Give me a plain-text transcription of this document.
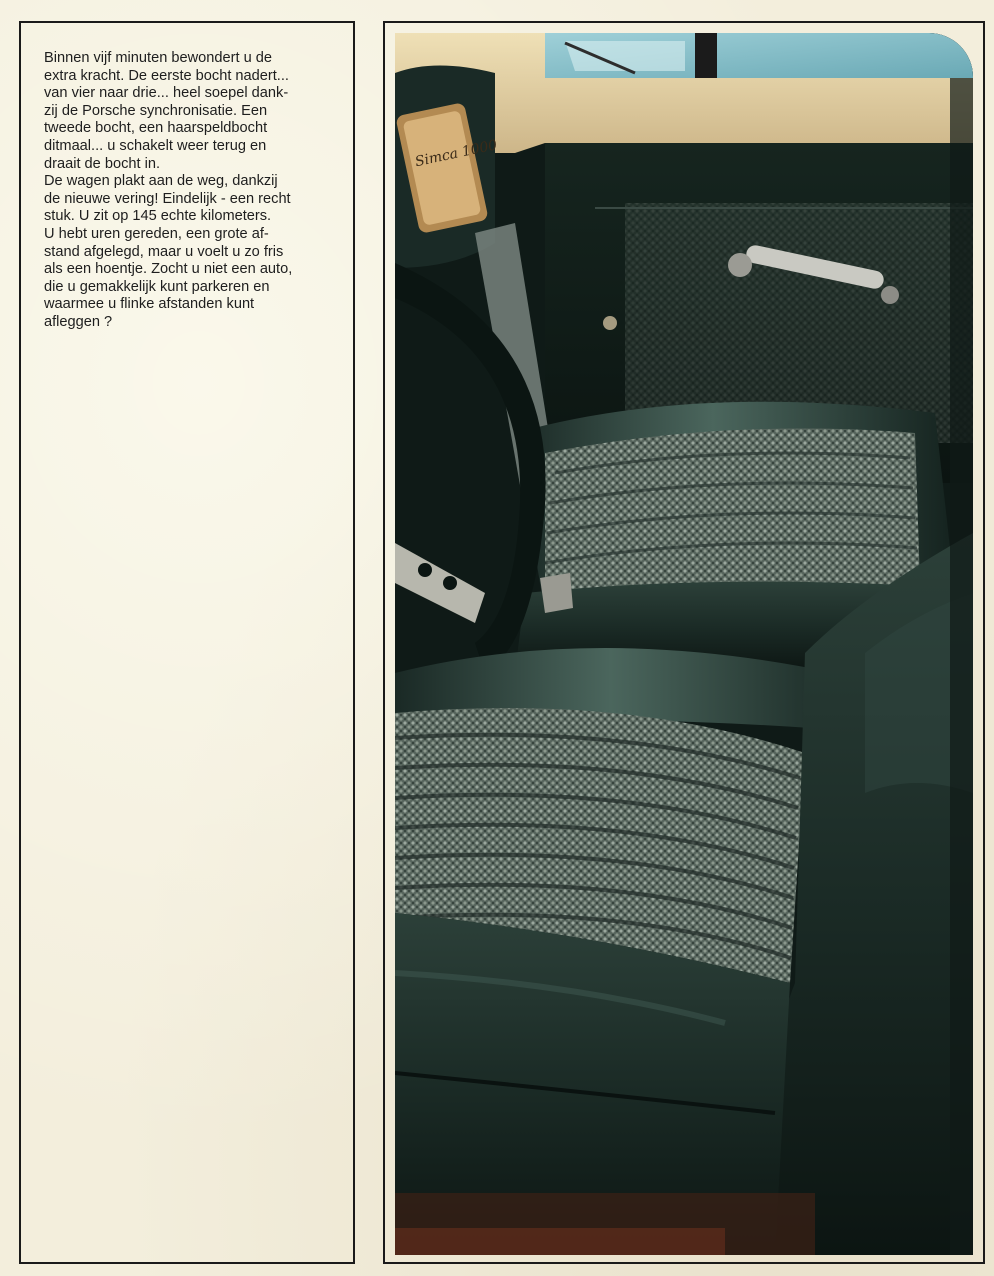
Binnen vijf minuten bewondert u de
extra kracht. De eerste bocht nadert...
van vier naar drie... heel soepel dank-
zij de Porsche synchronisatie. Een
tweede bocht, een haarspeldbocht
ditmaal... u schakelt weer terug en
draait de bocht in.

De wagen plakt aan de weg, dankzij
de nieuwe vering! Eindelijk - een recht
stuk. U zit op 145 echte kilometers.
U hebt uren gereden, een grote af-
stand afgelegd, maar u voelt u zo fris
als een hoentje. Zocht u niet een auto,
die u gemakkelijk kunt parkeren en
waarmee u flinke afstanden kunt
afleggen ?

Simca 1000
